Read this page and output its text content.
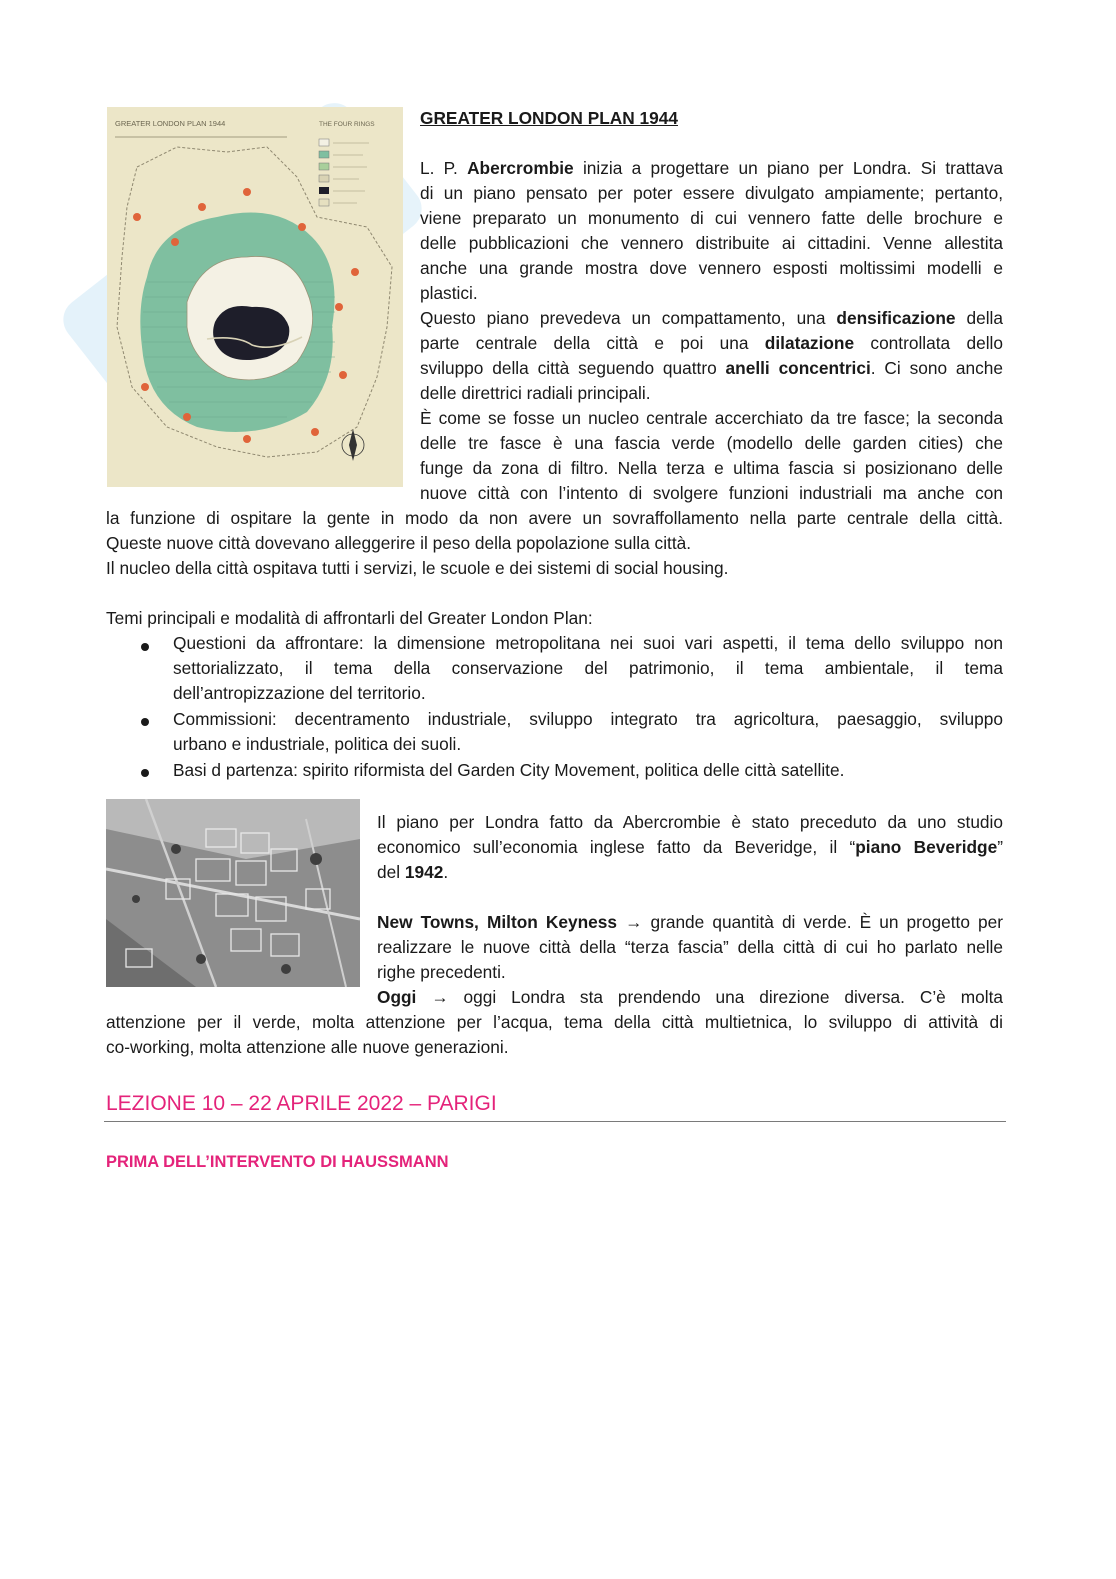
GREATER LONDON PLAN 1944	THE FOUR RINGS	GREATER LONDON PLAN 1944
L. P. Abercrombie inizia a progettare un piano per Londra. Si trattava
di un piano pensato per poter essere divulgato ampiamente; pertanto,
viene preparato un monumento di cui vennero fatte delle brochure e
delle pubblicazioni che vennero distribuite ai cittadini. Venne allestita
anche una grande mostra dove vennero esposti moltissimi modelli e
plastici.
Questo piano prevedeva un compattamento, una densificazione della
parte centrale della città e poi una dilatazione controllata dello
sviluppo della città seguendo quattro anelli concentrici. Ci sono anche
delle direttrici radiali principali.
È come se fosse un nucleo centrale accerchiato da tre fasce; la seconda
delle tre fasce è una fascia verde (modello delle garden cities) che
funge da zona di filtro. Nella terza e ultima fascia si posizionano delle
nuove città con l’intento di svolgere funzioni industriali ma anche con
la funzione di ospitare la gente in modo da non avere un sovraffollamento nella parte centrale della città.
Queste nuove città dovevano alleggerire il peso della popolazione sulla città.
Il nucleo della città ospitava tutti i servizi, le scuole e dei sistemi di social housing.
Temi principali e modalità di affrontarli del Greater London Plan:
Questioni da affrontare: la dimensione metropolitana nei suoi vari aspetti, il tema dello sviluppo non
settorializzato, il tema della conservazione del patrimonio, il tema ambientale, il tema
dell’antropizzazione del territorio.
Commissioni: decentramento industriale, sviluppo integrato tra agricoltura, paesaggio, sviluppo
urbano e industriale, politica dei suoli.
Basi d partenza: spirito riformista del Garden City Movement, politica delle città satellite.
Il piano per Londra fatto da Abercrombie è stato preceduto da uno studio
economico sull’economia inglese fatto da Beveridge, il “piano Beveridge”
del 1942.
New Towns, Milton Keyness → grande quantità di verde. È un progetto per
realizzare le nuove città della “terza fascia” della città di cui ho parlato nelle
righe precedenti.
Oggi → oggi Londra sta prendendo una direzione diversa. C’è molta
attenzione per il verde, molta attenzione per l’acqua, tema della città multietnica, lo sviluppo di attività di
co-working, molta attenzione alle nuove generazioni.
LEZIONE 10 – 22 APRILE 2022 – PARIGI
PRIMA DELL’INTERVENTO DI HAUSSMANN
